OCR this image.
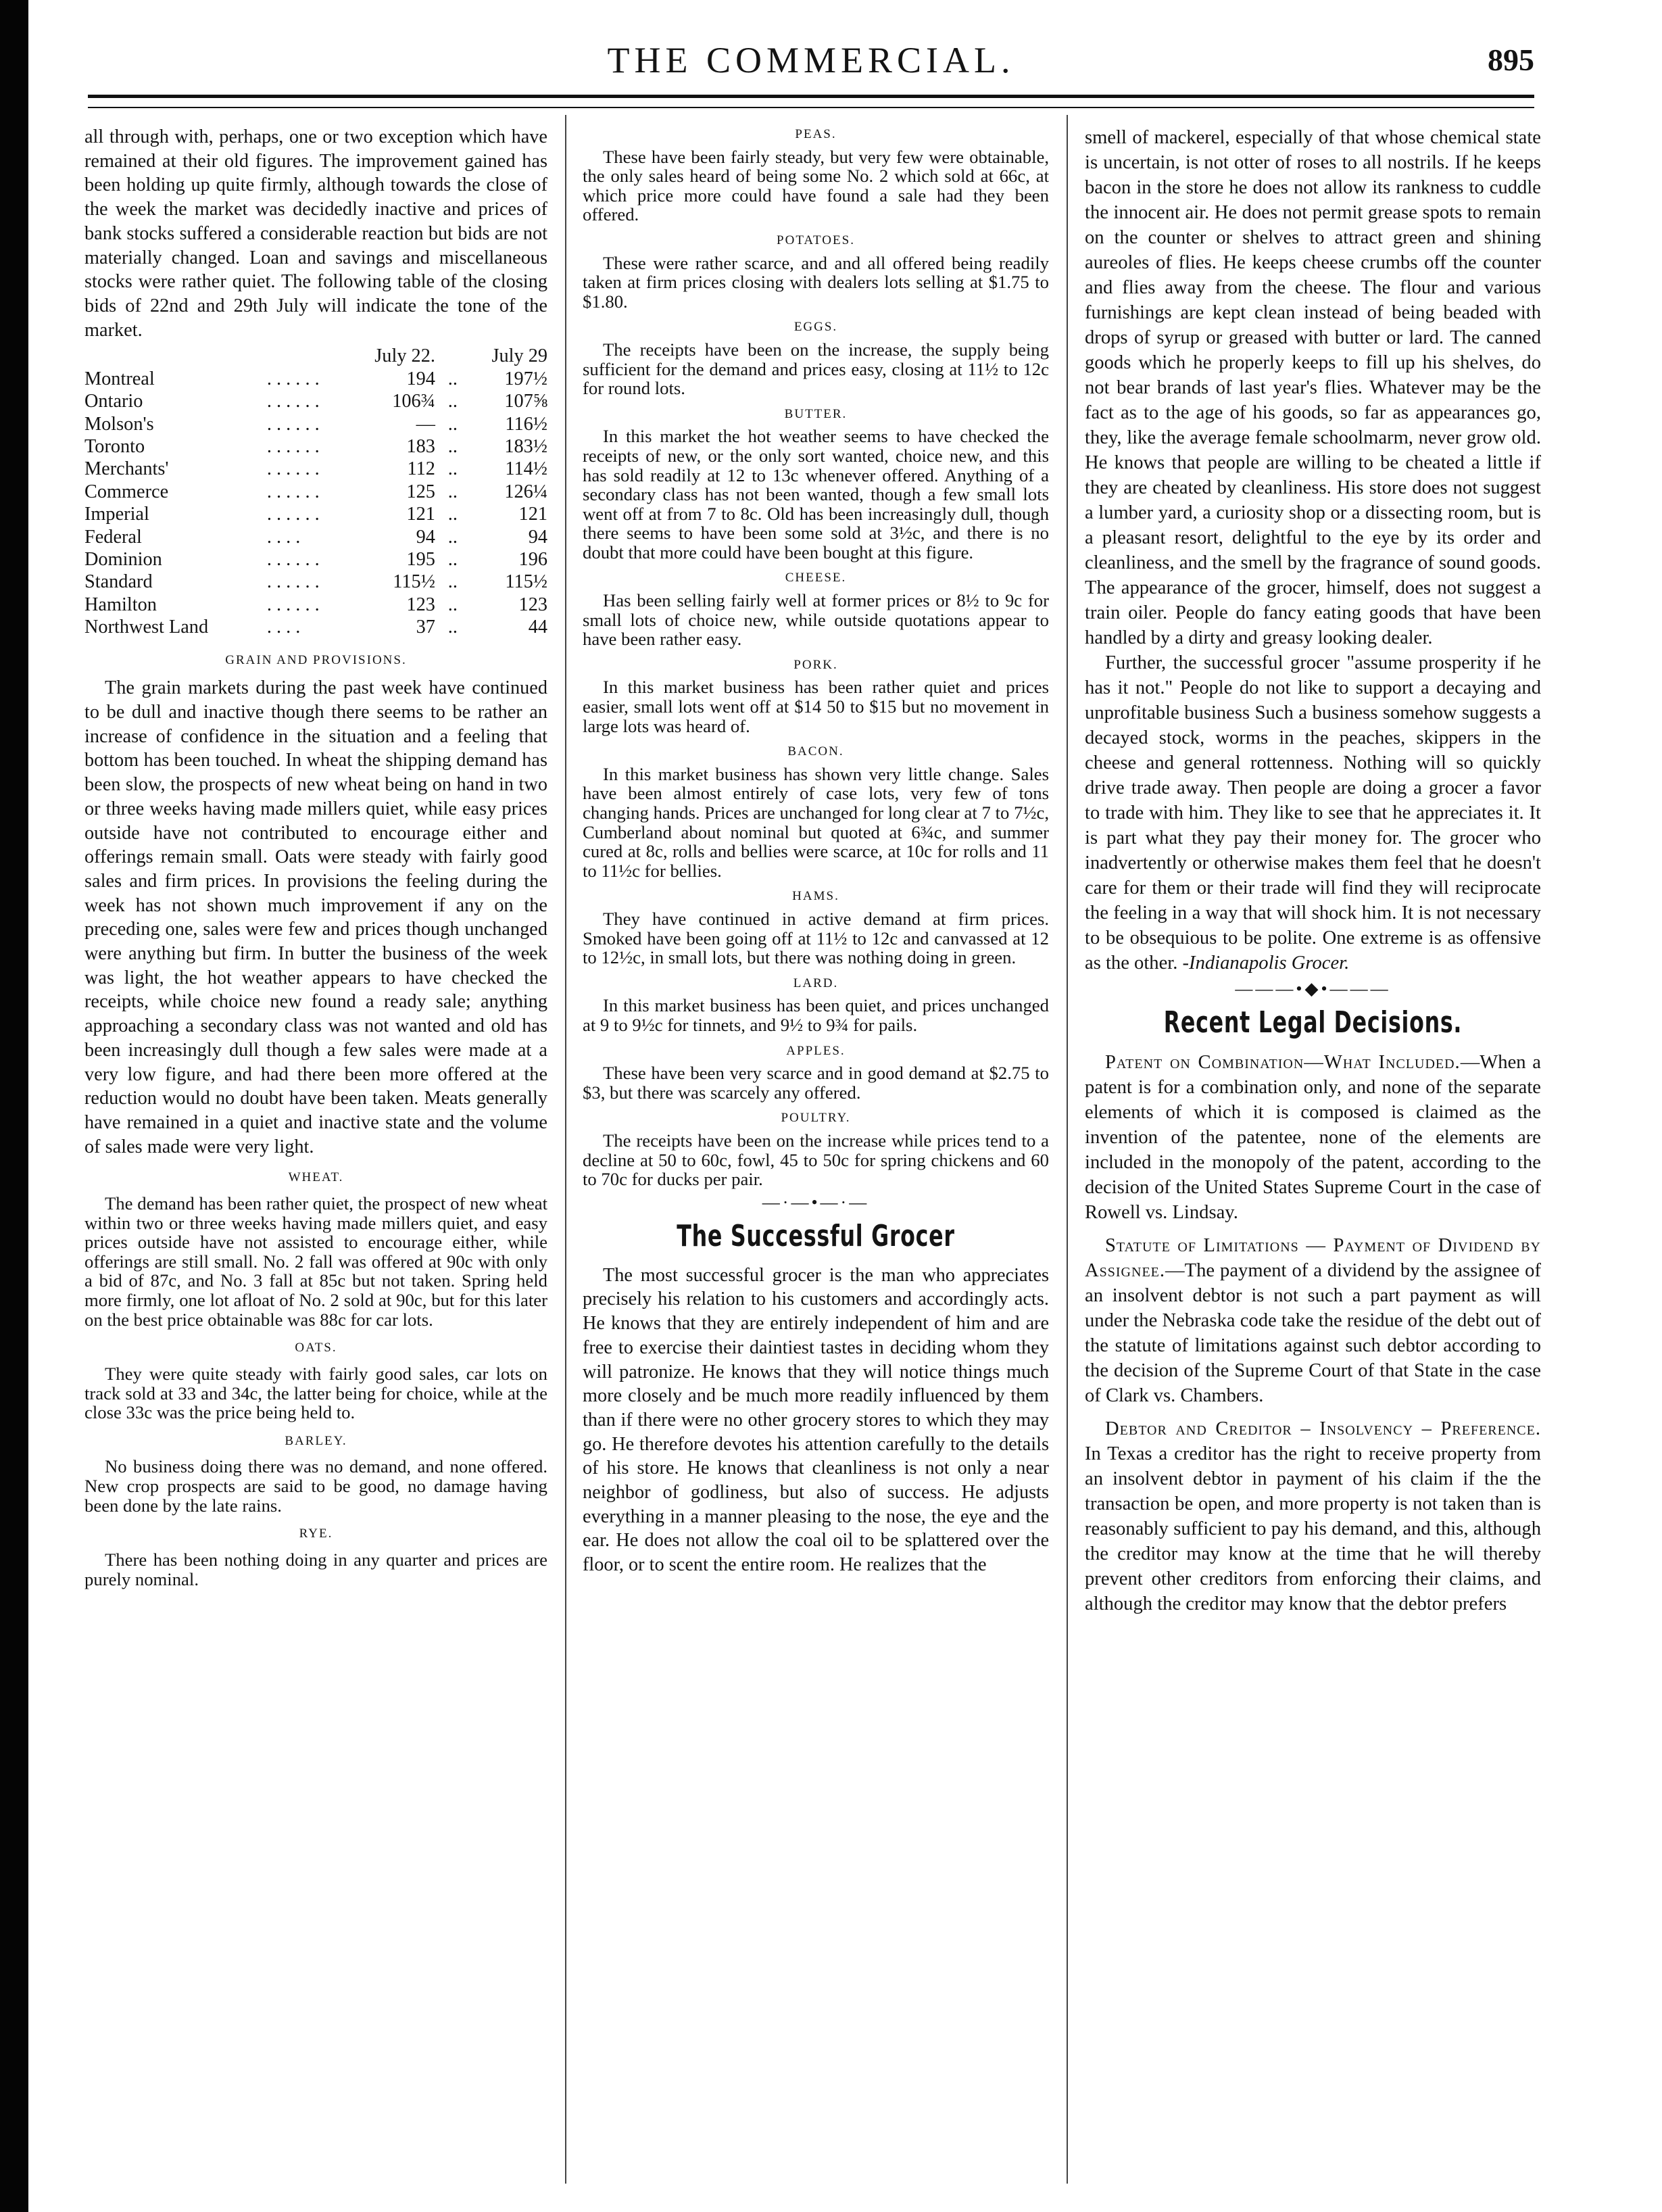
THE COMMERCIAL.	895

all through with, perhaps, one or two exception which have remained at their old figures. The improvement gained has been holding up quite firmly, although towards the close of the week the market was decidedly inactive and prices of bank stocks suffered a considerable reaction but bids are not materially changed. Loan and savings and miscellaneous stocks were rather quiet. The following table of the closing bids of 22nd and 29th July will indicate the tone of the market.

		July 22.		July 29
Montreal	. . . . . .	194	..	197½
Ontario	. . . . . .	106¾	..	107⅝
Molson's	. . . . . .	—	..	116½
Toronto	. . . . . .	183	..	183½
Merchants'	. . . . . .	112	..	114½
Commerce	. . . . . .	125	..	126¼
Imperial	. . . . . .	121	..	121
Federal	. . . .	94	..	94
Dominion	. . . . . .	195	..	196
Standard	. . . . . .	115½	..	115½
Hamilton	. . . . . .	123	..	123
Northwest Land	. . . .	37	..	44
GRAIN AND PROVISIONS.

The grain markets during the past week have continued to be dull and inactive though there seems to be rather an increase of confidence in the situation and a feeling that bottom has been touched. In wheat the shipping demand has been slow, the prospects of new wheat being on hand in two or three weeks having made millers quiet, while easy prices outside have not contributed to encourage either and offerings remain small. Oats were steady with fairly good sales and firm prices. In provisions the feeling during the week has not shown much improvement if any on the preceding one, sales were few and prices though unchanged were anything but firm. In butter the business of the week was light, the hot weather appears to have checked the receipts, while choice new found a ready sale; anything approaching a secondary class was not wanted and old has been increasingly dull though a few sales were made at a very low figure, and had there been more offered at the reduction would no doubt have been taken. Meats generally have remained in a quiet and inactive state and the volume of sales made were very light.

WHEAT.

The demand has been rather quiet, the prospect of new wheat within two or three weeks having made millers quiet, and easy prices outside have not assisted to encourage either, while offerings are still small. No. 2 fall was offered at 90c with only a bid of 87c, and No. 3 fall at 85c but not taken. Spring held more firmly, one lot afloat of No. 2 sold at 90c, but for this later on the best price obtainable was 88c for car lots.

OATS.

They were quite steady with fairly good sales, car lots on track sold at 33 and 34c, the latter being for choice, while at the close 33c was the price being held to.

BARLEY.

No business doing there was no demand, and none offered. New crop prospects are said to be good, no damage having been done by the late rains.

RYE.

There has been nothing doing in any quarter and prices are purely nominal.

PEAS.

These have been fairly steady, but very few were obtainable, the only sales heard of being some No. 2 which sold at 66c, at which price more could have found a sale had they been offered.

POTATOES.

These were rather scarce, and and all offered being readily taken at firm prices closing with dealers lots selling at $1.75 to $1.80.

EGGS.

The receipts have been on the increase, the supply being sufficient for the demand and prices easy, closing at 11½ to 12c for round lots.

BUTTER.

In this market the hot weather seems to have checked the receipts of new, or the only sort wanted, choice new, and this has sold readily at 12 to 13c whenever offered. Anything of a secondary class has not been wanted, though a few small lots went off at from 7 to 8c. Old has been increasingly dull, though there seems to have been some sold at 3½c, and there is no doubt that more could have been bought at this figure.

CHEESE.

Has been selling fairly well at former prices or 8½ to 9c for small lots of choice new, while outside quotations appear to have been rather easy.

PORK.

In this market business has been rather quiet and prices easier, small lots went off at $14 50 to $15 but no movement in large lots was heard of.

BACON.

In this market business has shown very little change. Sales have been almost entirely of case lots, very few of tons changing hands. Prices are unchanged for long clear at 7 to 7½c, Cumberland about nominal but quoted at 6¾c, and summer cured at 8c, rolls and bellies were scarce, at 10c for rolls and 11 to 11½c for bellies.

HAMS.

They have continued in active demand at firm prices. Smoked have been going off at 11½ to 12c and canvassed at 12 to 12½c, in small lots, but there was nothing doing in green.

LARD.

In this market business has been quiet, and prices unchanged at 9 to 9½c for tinnets, and 9½ to 9¾ for pails.

APPLES.

These have been very scarce and in good demand at $2.75 to $3, but there was scarcely any offered.

POULTRY.

The receipts have been on the increase while prices tend to a decline at 50 to 60c, fowl, 45 to 50c for spring chickens and 60 to 70c for ducks per pair.

—·—•—·—
The Successful Grocer

The most successful grocer is the man who appreciates precisely his relation to his customers and accordingly acts. He knows that they are entirely independent of him and are free to exercise their daintiest tastes in deciding whom they will patronize. He knows that they will notice things much more closely and be much more readily influenced by them than if there were no other grocery stores to which they may go. He therefore devotes his attention carefully to the details of his store. He knows that cleanliness is not only a near neighbor of godliness, but also of success. He adjusts everything in a manner pleasing to the nose, the eye and the ear. He does not allow the coal oil to be splattered over the floor, or to scent the entire room. He realizes that the

smell of mackerel, especially of that whose chemical state is uncertain, is not otter of roses to all nostrils. If he keeps bacon in the store he does not allow its rankness to cuddle the innocent air. He does not permit grease spots to remain on the counter or shelves to attract green and shining aureoles of flies. He keeps cheese crumbs off the counter and flies away from the cheese. The flour and various furnishings are kept clean instead of being beaded with drops of syrup or greased with butter or lard. The canned goods which he properly keeps to fill up his shelves, do not bear brands of last year's flies. Whatever may be the fact as to the age of his goods, so far as appearances go, they, like the average female schoolmarm, never grow old. He knows that people are willing to be cheated a little if they are cheated by cleanliness. His store does not suggest a lumber yard, a curiosity shop or a dissecting room, but is a pleasant resort, delightful to the eye by its order and cleanliness, and the smell by the fragrance of sound goods. The appearance of the grocer, himself, does not suggest a train oiler. People do fancy eating goods that have been handled by a dirty and greasy looking dealer.

Further, the successful grocer "assume prosperity if he has it not." People do not like to support a decaying and unprofitable business Such a business somehow suggests a decayed stock, worms in the peaches, skippers in the cheese and general rottenness. Nothing will so quickly drive trade away. Then people are doing a grocer a favor to trade with him. They like to see that he appreciates it. It is part what they pay their money for. The grocer who inadvertently or otherwise makes them feel that he doesn't care for them or their trade will find they will reciprocate the feeling in a way that will shock him. It is not necessary to be obsequious to be polite. One extreme is as offensive as the other. -Indianapolis Grocer.

———•◆•———
Recent Legal Decisions.

Patent on Combination—What Included.—When a patent is for a combination only, and none of the separate elements of which it is composed is claimed as the invention of the patentee, none of the elements are included in the monopoly of the patent, according to the decision of the United States Supreme Court in the case of Rowell vs. Lindsay.

Statute of Limitations — Payment of Dividend by Assignee.—The payment of a dividend by the assignee of an insolvent debtor is not such a part payment as will under the Nebraska code take the residue of the debt out of the statute of limitations against such debtor according to the decision of the Supreme Court of that State in the case of Clark vs. Chambers.

Debtor and Creditor – Insolvency – Preference. In Texas a creditor has the right to receive property from an insolvent debtor in payment of his claim if the the transaction be open, and more property is not taken than is reasonably sufficient to pay his demand, and this, although the creditor may know at the time that he will thereby prevent other creditors from enforcing their claims, and although the creditor may know that the debtor prefers
